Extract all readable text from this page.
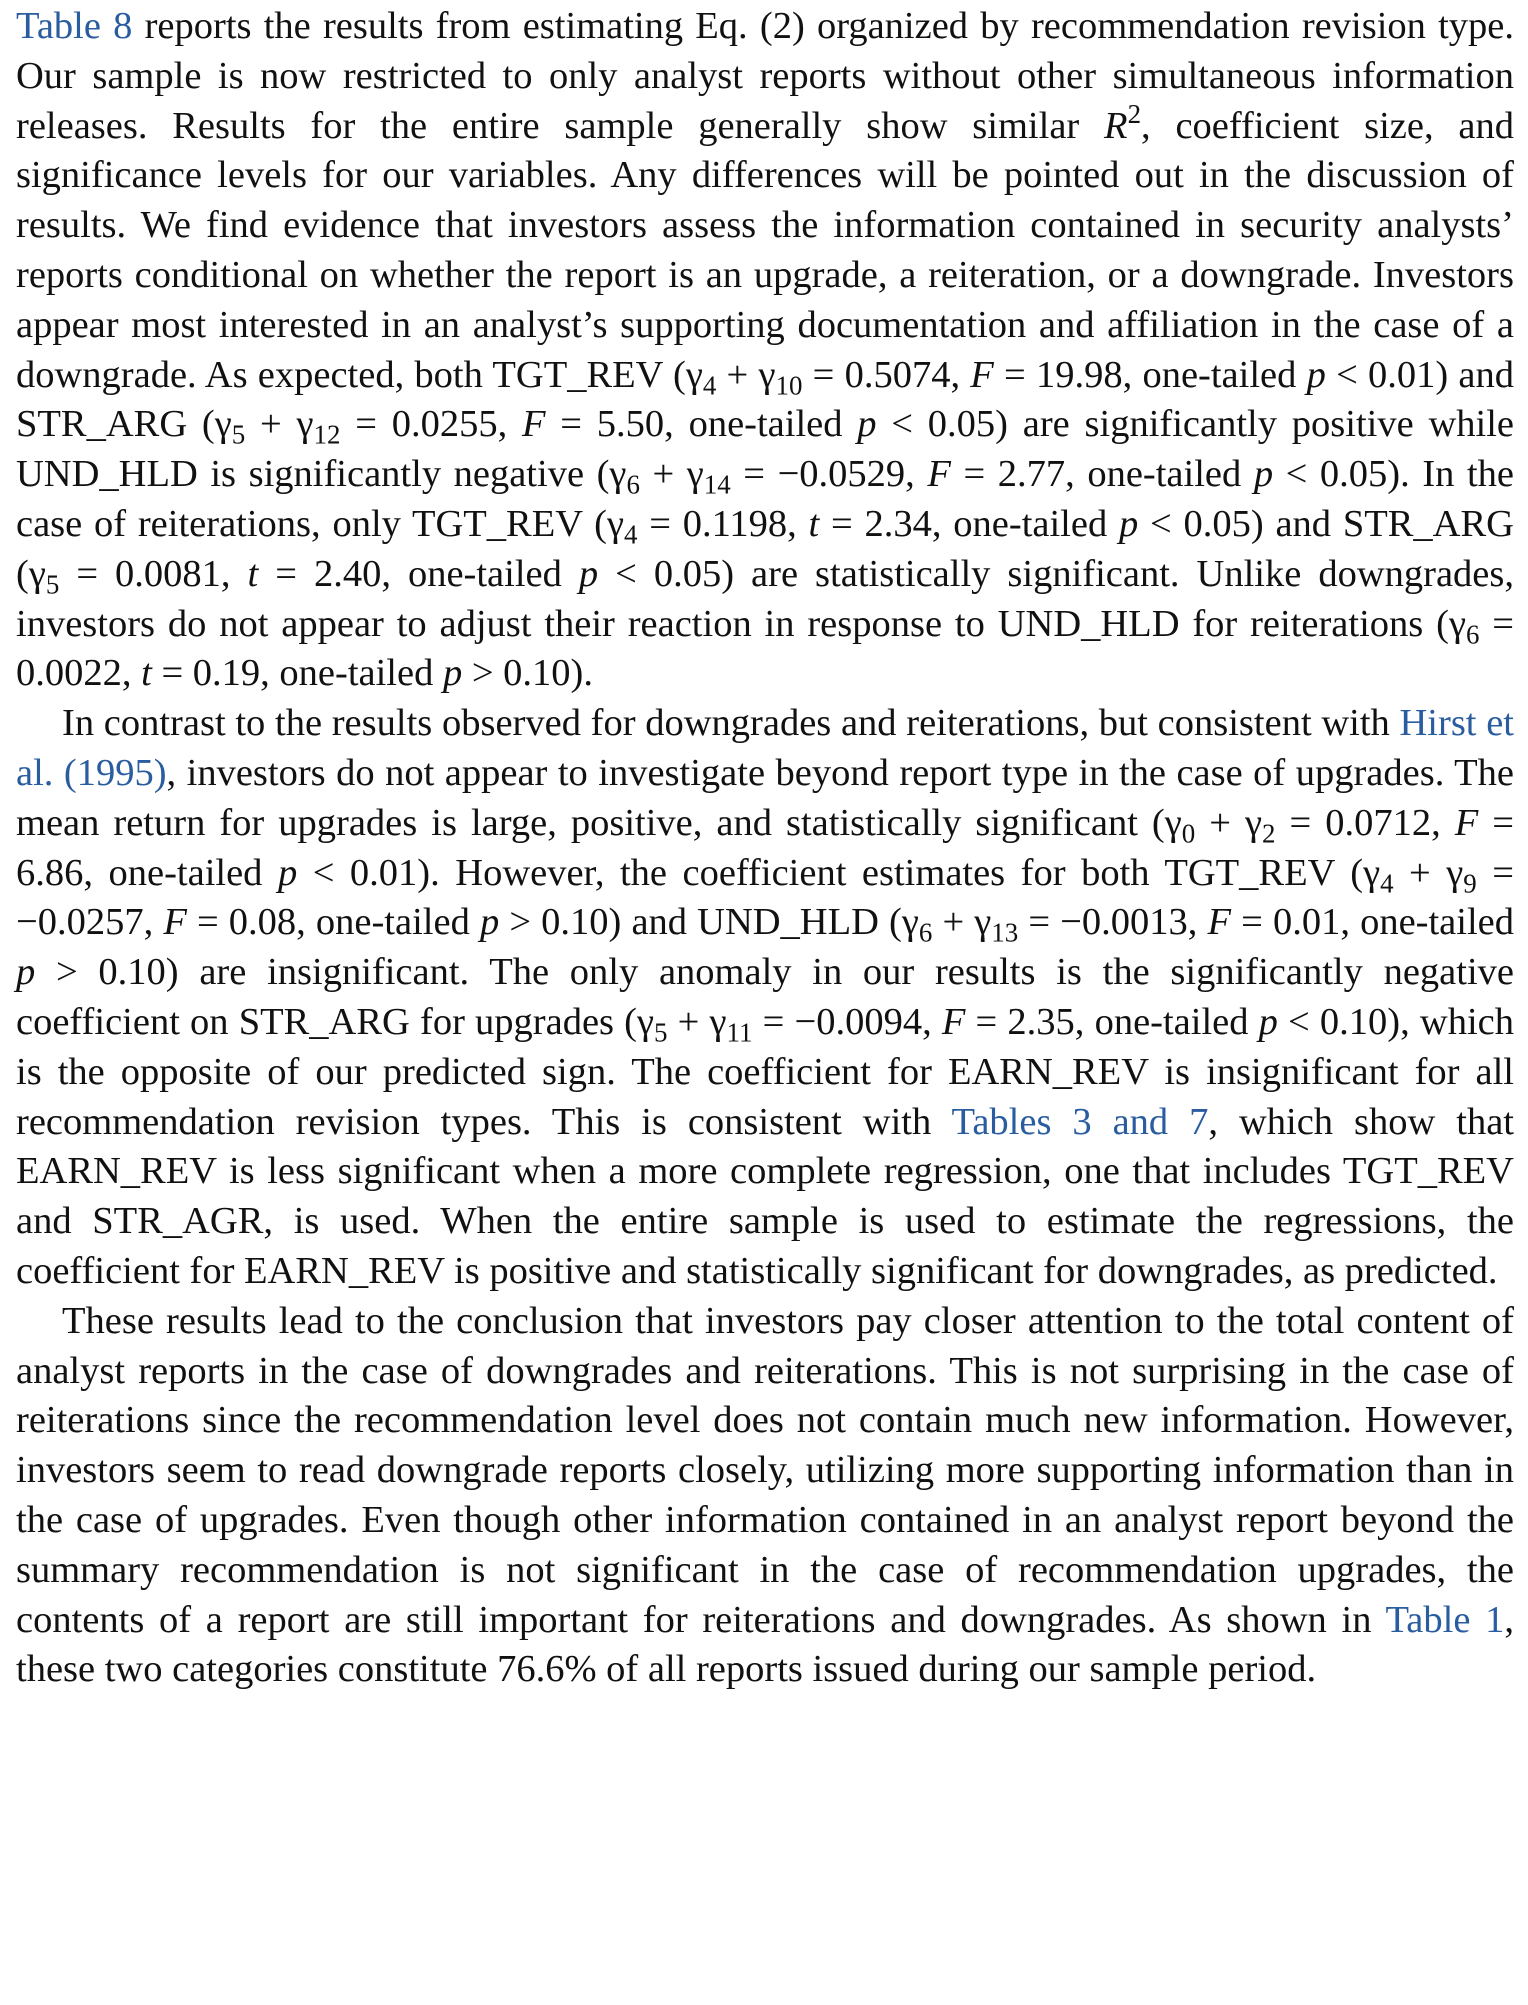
Table 8 reports the results from estimating Eq. (2) organized by recommendation revision type. Our sample is now restricted to only analyst reports without other simultaneous information releases. Results for the entire sample generally show similar $R^2$, coefficient size, and significance levels for our variables. Any differences will be pointed out in the discussion of results. We find evidence that investors assess the information contained in security analysts’ reports conditional on whether the report is an upgrade, a reiteration, or a downgrade. Investors appear most interested in an analyst’s supporting documentation and affiliation in the case of a downgrade. As expected, both TGT_REV ($\gamma_4 + \gamma_{10} = 0.5074$, F = 19.98, one-tailed p < 0.01) and STR_ARG ($\gamma_5 + \gamma_{12} = 0.0255$, F = 5.50, one-tailed p < 0.05) are significantly positive while UND_HLD is significantly negative ($\gamma_6 + \gamma_{14} = -0.0529$, F = 2.77, one-tailed p < 0.05). In the case of reiterations, only TGT_REV ($\gamma_4 = 0.1198$, t = 2.34, one-tailed p < 0.05) and STR_ARG ($\gamma_5 = 0.0081$, t = 2.40, one-tailed p < 0.05) are statistically significant. Unlike downgrades, investors do not appear to adjust their reaction in response to UND_HLD for reiterations ($\gamma_6 = 0.0022$, t = 0.19, one-tailed p > 0.10).

In contrast to the results observed for downgrades and reiterations, but consistent with Hirst et al. (1995), investors do not appear to investigate beyond report type in the case of upgrades. The mean return for upgrades is large, positive, and statistically significant ($\gamma_0 + \gamma_2 = 0.0712$, F = 6.86, one-tailed p < 0.01). However, the coefficient estimates for both TGT_REV ($\gamma_4 + \gamma_9 = -0.0257$, F = 0.08, one-tailed p > 0.10) and UND_HLD ($\gamma_6 + \gamma_{13} = -0.0013$, F = 0.01, one-tailed p > 0.10) are insignificant. The only anomaly in our results is the significantly negative coefficient on STR_ARG for upgrades ($\gamma_5 + \gamma_{11} = -0.0094$, F = 2.35, one-tailed p < 0.10), which is the opposite of our predicted sign. The coefficient for EARN_REV is insignificant for all recommendation revision types. This is consistent with Tables 3 and 7, which show that EARN_REV is less significant when a more complete regression, one that includes TGT_REV and STR_AGR, is used. When the entire sample is used to estimate the regressions, the coefficient for EARN_REV is positive and statistically significant for downgrades, as predicted.

These results lead to the conclusion that investors pay closer attention to the total content of analyst reports in the case of downgrades and reiterations. This is not surprising in the case of reiterations since the recommendation level does not contain much new information. However, investors seem to read downgrade reports closely, utilizing more supporting information than in the case of upgrades. Even though other information contained in an analyst report beyond the summary recommendation is not significant in the case of recommendation upgrades, the contents of a report are still important for reiterations and downgrades. As shown in Table 1, these two categories constitute 76.6% of all reports issued during our sample period.
